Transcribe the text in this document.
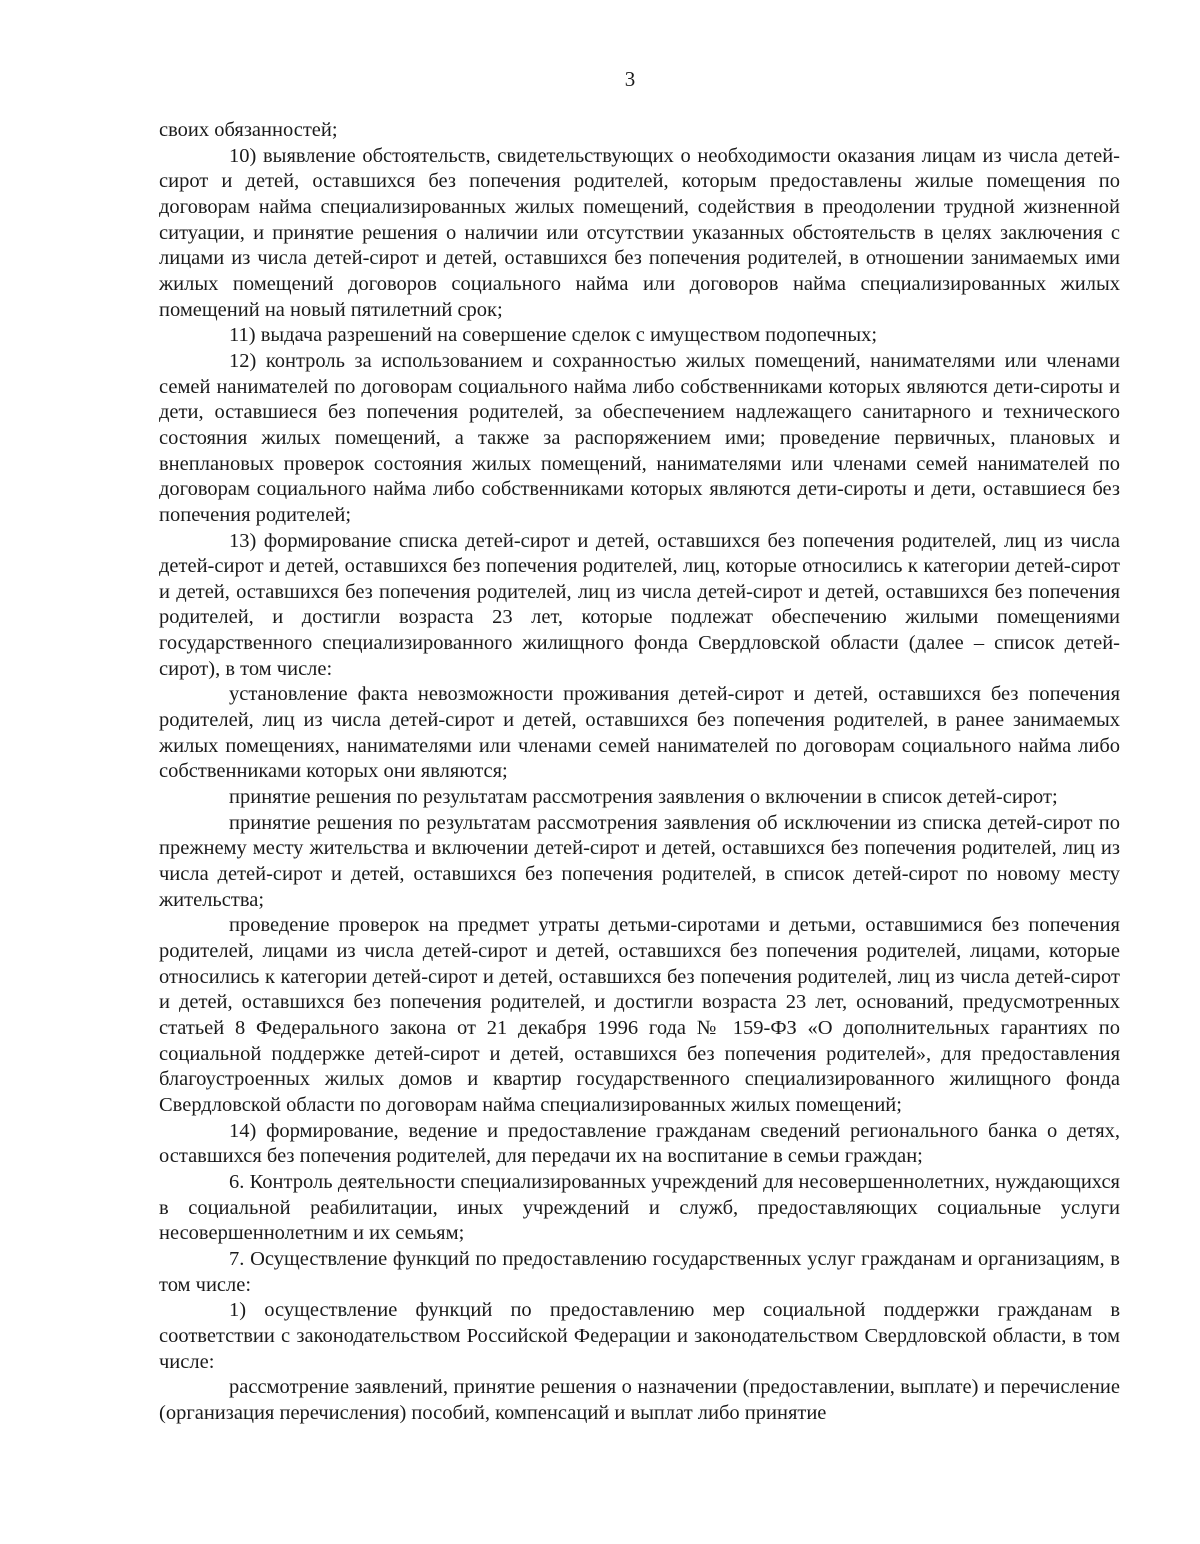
3

своих обязанностей;

10) выявление обстоятельств, свидетельствующих о необходимости оказания лицам из числа детей-сирот и детей, оставшихся без попечения родителей, которым предоставлены жилые помещения по договорам найма специализированных жилых помещений, содействия в преодолении трудной жизненной ситуации, и принятие решения о наличии или отсутствии указанных обстоятельств в целях заключения с лицами из числа детей-сирот и детей, оставшихся без попечения родителей, в отношении занимаемых ими жилых помещений договоров социального найма или договоров найма специализированных жилых помещений на новый пятилетний срок;

11) выдача разрешений на совершение сделок с имуществом подопечных;

12) контроль за использованием и сохранностью жилых помещений, нанимателями или членами семей нанимателей по договорам социального найма либо собственниками которых являются дети-сироты и дети, оставшиеся без попечения родителей, за обеспечением надлежащего санитарного и технического состояния жилых помещений, а также за распоряжением ими; проведение первичных, плановых и внеплановых проверок состояния жилых помещений, нанимателями или членами семей нанимателей по договорам социального найма либо собственниками которых являются дети-сироты и дети, оставшиеся без попечения родителей;

13) формирование списка детей-сирот и детей, оставшихся без попечения родителей, лиц из числа детей-сирот и детей, оставшихся без попечения родителей, лиц, которые относились к категории детей-сирот и детей, оставшихся без попечения родителей, лиц из числа детей-сирот и детей, оставшихся без попечения родителей, и достигли возраста 23 лет, которые подлежат обеспечению жилыми помещениями государственного специализированного жилищного фонда Свердловской области (далее – список детей-сирот), в том числе:

установление факта невозможности проживания детей-сирот и детей, оставшихся без попечения родителей, лиц из числа детей-сирот и детей, оставшихся без попечения родителей, в ранее занимаемых жилых помещениях, нанимателями или членами семей нанимателей по договорам социального найма либо собственниками которых они являются;

принятие решения по результатам рассмотрения заявления о включении в список детей-сирот;

принятие решения по результатам рассмотрения заявления об исключении из списка детей-сирот по прежнему месту жительства и включении детей-сирот и детей, оставшихся без попечения родителей, лиц из числа детей-сирот и детей, оставшихся без попечения родителей, в список детей-сирот по новому месту жительства;

проведение проверок на предмет утраты детьми-сиротами и детьми, оставшимися без попечения родителей, лицами из числа детей-сирот и детей, оставшихся без попечения родителей, лицами, которые относились к категории детей-сирот и детей, оставшихся без попечения родителей, лиц из числа детей-сирот и детей, оставшихся без попечения родителей, и достигли возраста 23 лет, оснований, предусмотренных статьей 8 Федерального закона от 21 декабря 1996 года № 159-ФЗ «О дополнительных гарантиях по социальной поддержке детей-сирот и детей, оставшихся без попечения родителей», для предоставления благоустроенных жилых домов и квартир государственного специализированного жилищного фонда Свердловской области по договорам найма специализированных жилых помещений;

14) формирование, ведение и предоставление гражданам сведений регионального банка о детях, оставшихся без попечения родителей, для передачи их на воспитание в семьи граждан;

6. Контроль деятельности специализированных учреждений для несовершеннолетних, нуждающихся в социальной реабилитации, иных учреждений и служб, предоставляющих социальные услуги несовершеннолетним и их семьям;

7. Осуществление функций по предоставлению государственных услуг гражданам и организациям, в том числе:

1) осуществление функций по предоставлению мер социальной поддержки гражданам в соответствии с законодательством Российской Федерации и законодательством Свердловской области, в том числе:

рассмотрение заявлений, принятие решения о назначении (предоставлении, выплате) и перечисление (организация перечисления) пособий, компенсаций и выплат либо принятие
